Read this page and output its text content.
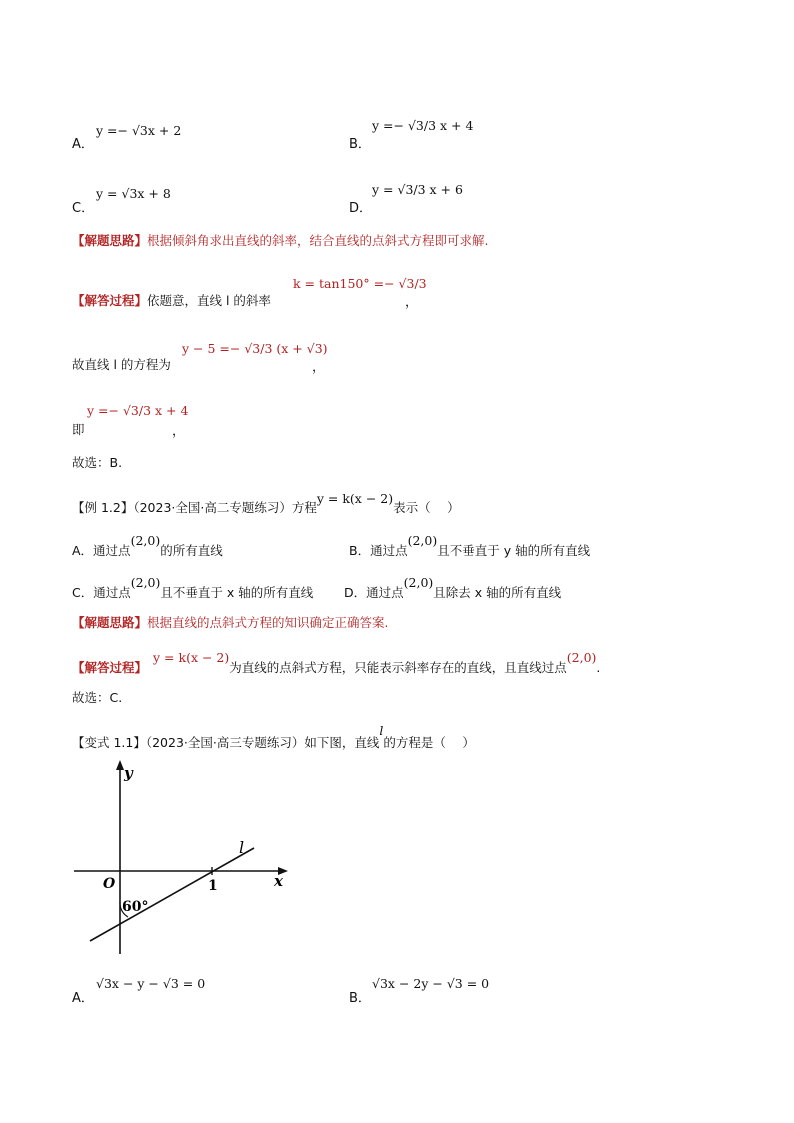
A．
y =− √3x + 2
B．
y =− √3/3 x + 4
C．
y = √3x + 8
D．
y = √3/3 x + 6
【解题思路】根据倾斜角求出直线的斜率，结合直线的点斜式方程即可求解.
【解答过程】依题意，直线 l 的斜率
k = tan150° =− √3/3
，
故直线 l 的方程为
y − 5 =− √3/3 (x + √3)
，
即
y =− √3/3 x + 4
，
故选：B.
【例 1.2】（2023·全国·高二专题练习）方程y = k(x − 2)表示（　 ）
A．通过点(2,0)的所有直线	B．通过点(2,0)且不垂直于 y 轴的所有直线
C．通过点(2,0)且不垂直于 x 轴的所有直线 D．通过点(2,0)且除去 x 轴的所有直线
【解题思路】根据直线的点斜式方程的知识确定正确答案.
【解答过程】y = k(x − 2)为直线的点斜式方程，只能表示斜率存在的直线，且直线过点(2,0).
故选：C.
【变式 1.1】（2023·全国·高三专题练习）如下图，直线l的方程是（　 ）
y
x
O	1
l
60°
A．
√3x − y − √3 = 0
B．
√3x − 2y − √3 = 0
